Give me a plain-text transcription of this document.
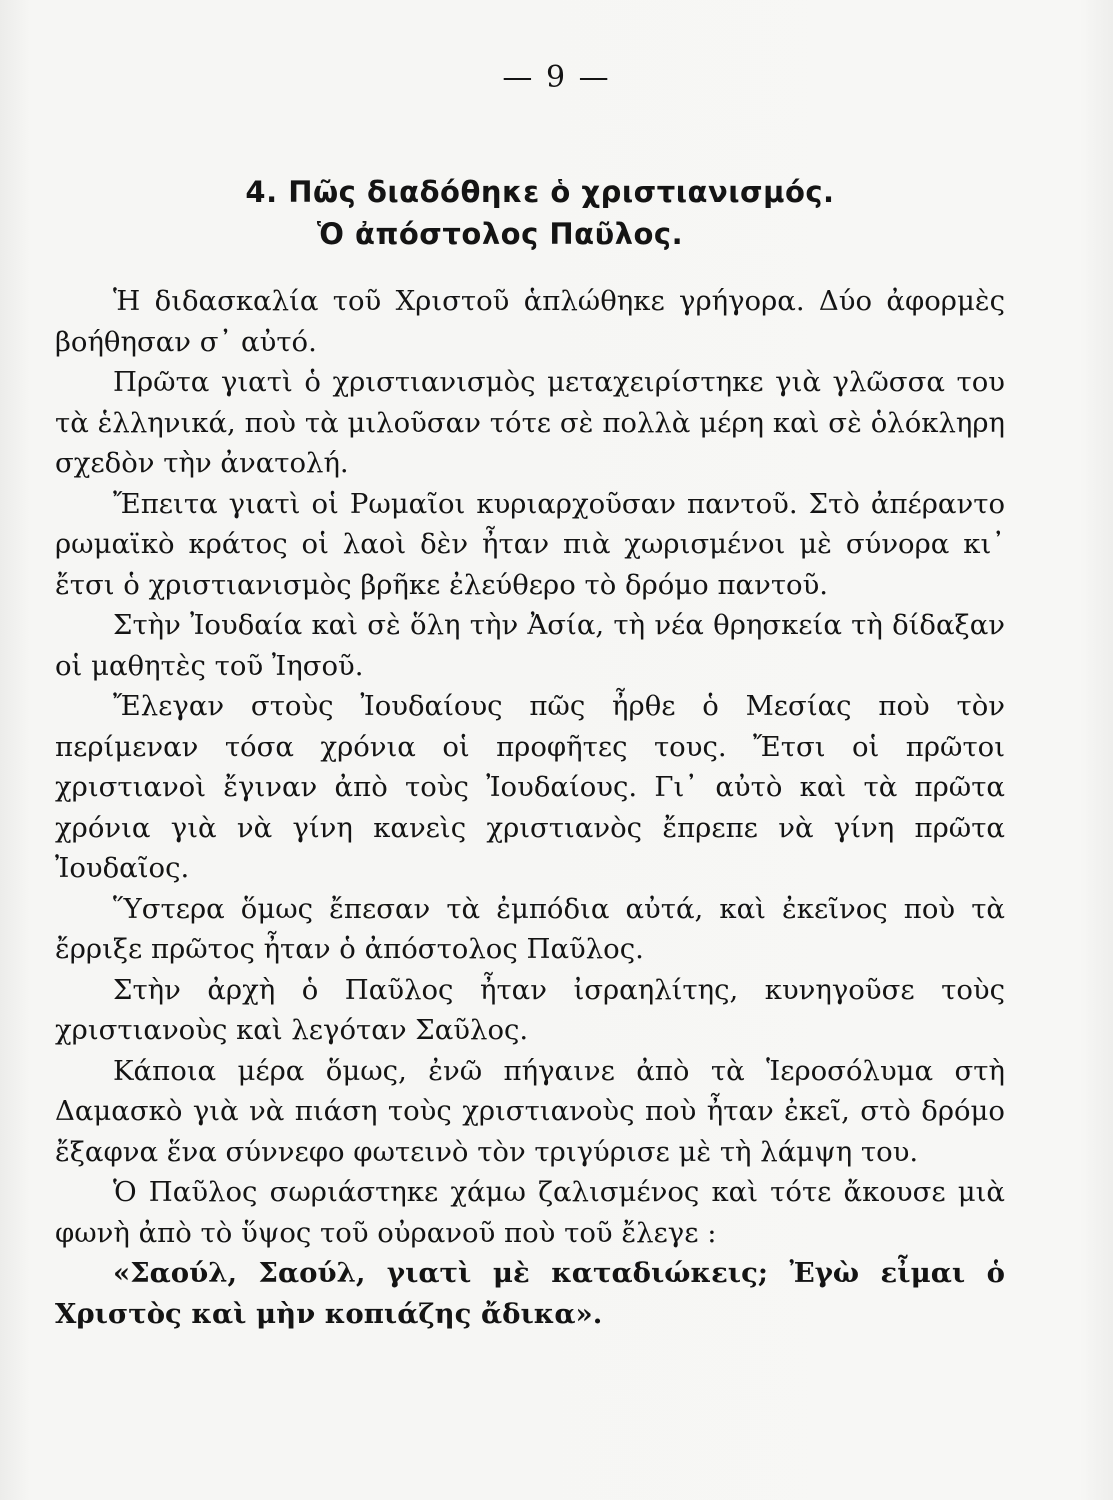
— 9 —
4. Πῶς διαδόθηκε ὁ χριστιανισμός.
Ὁ ἀπόστολος Παῦλος.

Ἡ διδασκαλία τοῦ Χριστοῦ ἁπλώθηκε γρήγορα. Δύο ἀφορμὲς βοήθησαν σ᾽ αὐτό.

Πρῶτα γιατὶ ὁ χριστιανισμὸς μεταχειρίστηκε γιὰ γλῶσσα του τὰ ἑλληνικά, ποὺ τὰ μιλοῦσαν τότε σὲ πολλὰ μέρη καὶ σὲ ὁλόκληρη σχεδὸν τὴν ἀνατολή.

Ἔπειτα γιατὶ οἱ Ρωμαῖοι κυριαρχοῦσαν παντοῦ. Στὸ ἀπέραντο ρωμαϊκὸ κράτος οἱ λαοὶ δὲν ἦταν πιὰ χωρισμένοι μὲ σύνορα κι᾽ ἔτσι ὁ χριστιανισμὸς βρῆκε ἐλεύθερο τὸ δρόμο παντοῦ.

Στὴν Ἰουδαία καὶ σὲ ὅλη τὴν Ἀσία, τὴ νέα θρησκεία τὴ δίδαξαν οἱ μαθητὲς τοῦ Ἰησοῦ.

Ἔλεγαν στοὺς Ἰουδαίους πῶς ἦρθε ὁ Μεσίας ποὺ τὸν περίμεναν τόσα χρόνια οἱ προφῆτες τους. Ἔτσι οἱ πρῶτοι χριστιανοὶ ἔγιναν ἀπὸ τοὺς Ἰουδαίους. Γι᾽ αὐτὸ καὶ τὰ πρῶτα χρόνια γιὰ νὰ γίνη κανεὶς χριστιανὸς ἔπρεπε νὰ γίνη πρῶτα Ἰουδαῖος.

Ὕστερα ὅμως ἔπεσαν τὰ ἐμπόδια αὐτά, καὶ ἐκεῖνος ποὺ τὰ ἔρριξε πρῶτος ἦταν ὁ ἀπόστολος Παῦλος.

Στὴν ἀρχὴ ὁ Παῦλος ἦταν ἰσραηλίτης, κυνηγοῦσε τοὺς χριστιανοὺς καὶ λεγόταν Σαῦλος.

Κάποια μέρα ὅμως, ἐνῶ πήγαινε ἀπὸ τὰ Ἱεροσόλυμα στὴ Δαμασκὸ γιὰ νὰ πιάση τοὺς χριστιανοὺς ποὺ ἦταν ἐκεῖ, στὸ δρόμο ἔξαφνα ἕνα σύννεφο φωτεινὸ τὸν τριγύρισε μὲ τὴ λάμψη του.

Ὁ Παῦλος σωριάστηκε χάμω ζαλισμένος καὶ τότε ἄκουσε μιὰ φωνὴ ἀπὸ τὸ ὕψος τοῦ οὐρανοῦ ποὺ τοῦ ἔλεγε :

«Σαούλ, Σαούλ, γιατὶ μὲ καταδιώκεις; Ἐγὼ εἶμαι ὁ Χριστὸς καὶ μὴν κοπιάζης ἄδικα».
